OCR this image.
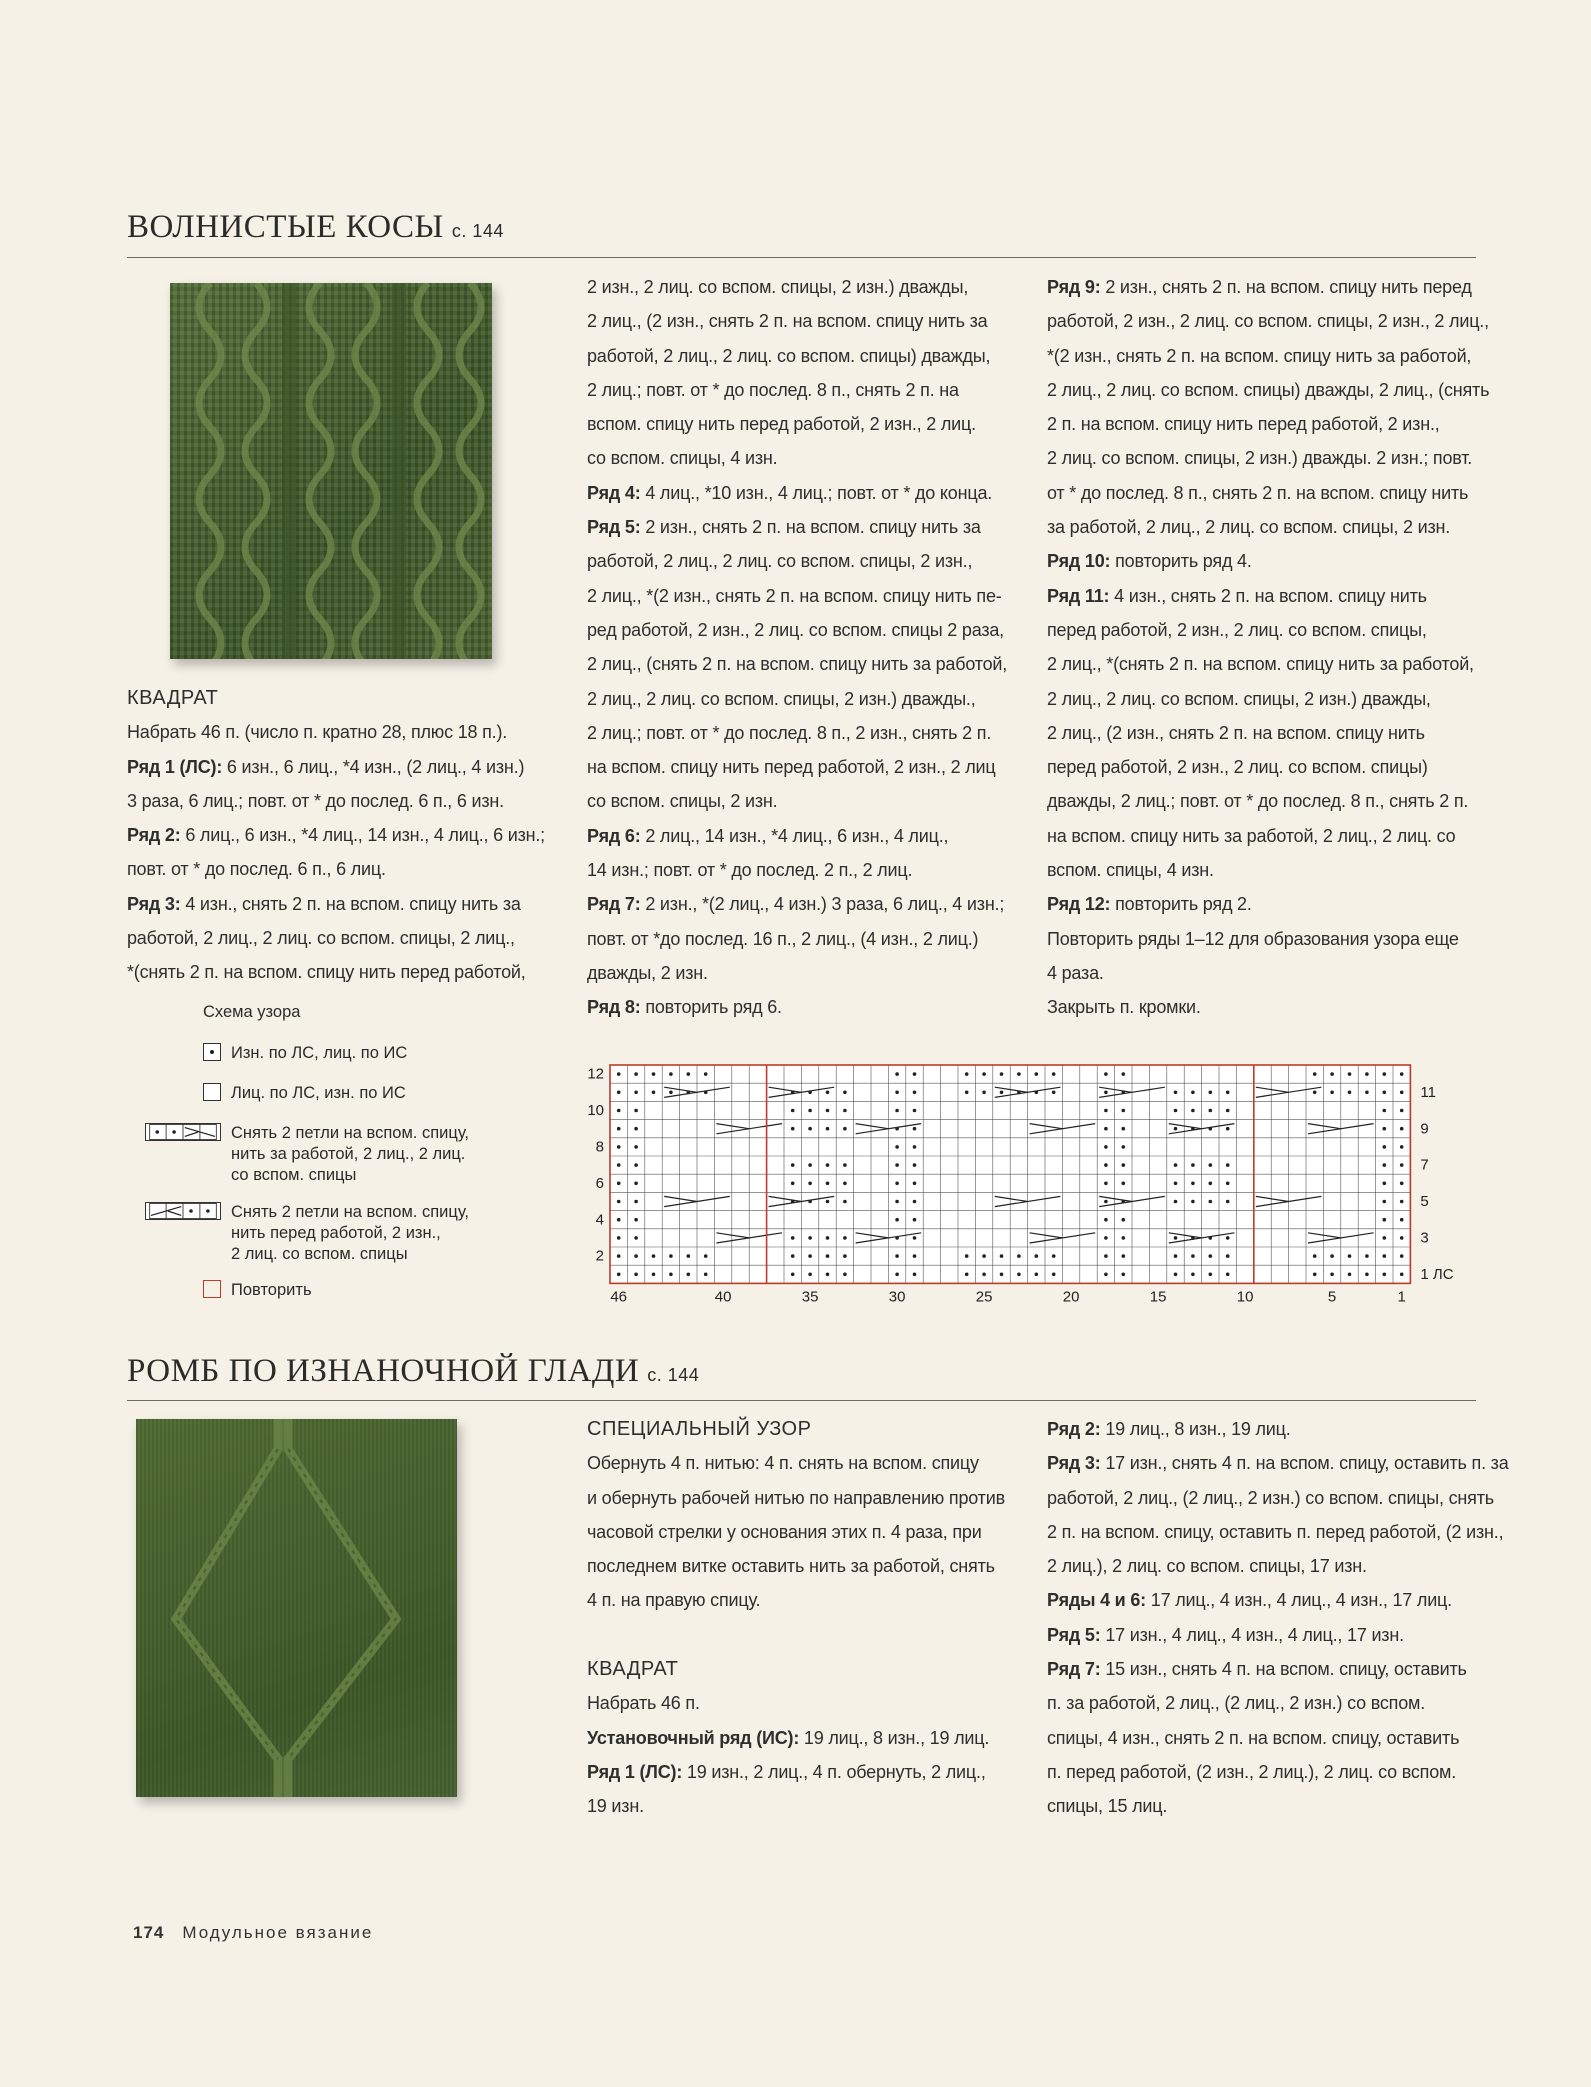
ВОЛНИСТЫЕ КОСЫ с. 144

КВАДРАТ

Набрать 46 п. (число п. кратно 28, плюс 18 п.).

Ряд 1 (ЛС): 6 изн., 6 лиц., *4 изн., (2 лиц., 4 изн.)

3 раза, 6 лиц.; повт. от * до послед. 6 п., 6 изн.

Ряд 2: 6 лиц., 6 изн., *4 лиц., 14 изн., 4 лиц., 6 изн.;

повт. от * до послед. 6 п., 6 лиц.

Ряд 3: 4 изн., снять 2 п. на вспом. спицу нить за

работой, 2 лиц., 2 лиц. со вспом. спицы, 2 лиц.,

*(снять 2 п. на вспом. спицу нить перед работой,

Схема узора
Изн. по ЛС, лиц. по ИС
Лиц. по ЛС, изн. по ИС
Снять 2 петли на вспом. спицу,
нить за работой, 2 лиц., 2 лиц.
со вспом. спицы
Снять 2 петли на вспом. спицу,
нить перед работой, 2 изн.,
2 лиц. со вспом. спицы
Повторить

2 изн., 2 лиц. со вспом. спицы, 2 изн.) дважды,

2 лиц., (2 изн., снять 2 п. на вспом. спицу нить за

работой, 2 лиц., 2 лиц. со вспом. спицы) дважды,

2 лиц.; повт. от * до послед. 8 п., снять 2 п. на

вспом. спицу нить перед работой, 2 изн., 2 лиц.

со вспом. спицы, 4 изн.

Ряд 4: 4 лиц., *10 изн., 4 лиц.; повт. от * до конца.

Ряд 5: 2 изн., снять 2 п. на вспом. спицу нить за

работой, 2 лиц., 2 лиц. со вспом. спицы, 2 изн.,

2 лиц., *(2 изн., снять 2 п. на вспом. спицу нить пе-

ред работой, 2 изн., 2 лиц. со вспом. спицы 2 раза,

2 лиц., (снять 2 п. на вспом. спицу нить за работой,

2 лиц., 2 лиц. со вспом. спицы, 2 изн.) дважды.,

2 лиц.; повт. от * до послед. 8 п., 2 изн., снять 2 п.

на вспом. спицу нить перед работой, 2 изн., 2 лиц

со вспом. спицы, 2 изн.

Ряд 6: 2 лиц., 14 изн., *4 лиц., 6 изн., 4 лиц.,

14 изн.; повт. от * до послед. 2 п., 2 лиц.

Ряд 7: 2 изн., *(2 лиц., 4 изн.) 3 раза, 6 лиц., 4 изн.;

повт. от *до послед. 16 п., 2 лиц., (4 изн., 2 лиц.)

дважды, 2 изн.

Ряд 8: повторить ряд 6.

Ряд 9: 2 изн., снять 2 п. на вспом. спицу нить перед

работой, 2 изн., 2 лиц. со вспом. спицы, 2 изн., 2 лиц.,

*(2 изн., снять 2 п. на вспом. спицу нить за работой,

2 лиц., 2 лиц. со вспом. спицы) дважды, 2 лиц., (снять

2 п. на вспом. спицу нить перед работой, 2 изн.,

2 лиц. со вспом. спицы, 2 изн.) дважды. 2 изн.; повт.

от * до послед. 8 п., снять 2 п. на вспом. спицу нить

за работой, 2 лиц., 2 лиц. со вспом. спицы, 2 изн.

Ряд 10: повторить ряд 4.

Ряд 11: 4 изн., снять 2 п. на вспом. спицу нить

перед работой, 2 изн., 2 лиц. со вспом. спицы,

2 лиц., *(снять 2 п. на вспом. спицу нить за работой,

2 лиц., 2 лиц. со вспом. спицы, 2 изн.) дважды,

2 лиц., (2 изн., снять 2 п. на вспом. спицу нить

перед работой, 2 изн., 2 лиц. со вспом. спицы)

дважды, 2 лиц.; повт. от * до послед. 8 п., снять 2 п.

на вспом. спицу нить за работой, 2 лиц., 2 лиц. со

вспом. спицы, 4 изн.

Ряд 12: повторить ряд 2.

Повторить ряды 1–12 для образования узора еще

4 раза.

Закрыть п. кромки.

12
10
8
6
4
2
11
9
7
5
3
1 ЛС
46	40	35	30	25	20	15	10	5	1
РОМБ ПО ИЗНАНОЧНОЙ ГЛАДИ с. 144

СПЕЦИАЛЬНЫЙ УЗОР

Обернуть 4 п. нитью: 4 п. снять на вспом. спицу

и обернуть рабочей нитью по направлению против

часовой стрелки у основания этих п. 4 раза, при

последнем витке оставить нить за работой, снять

4 п. на правую спицу.

КВАДРАТ

Набрать 46 п.

Установочный ряд (ИС): 19 лиц., 8 изн., 19 лиц.

Ряд 1 (ЛС): 19 изн., 2 лиц., 4 п. обернуть, 2 лиц.,

19 изн.

Ряд 2: 19 лиц., 8 изн., 19 лиц.

Ряд 3: 17 изн., снять 4 п. на вспом. спицу, оставить п. за

работой, 2 лиц., (2 лиц., 2 изн.) со вспом. спицы, снять

2 п. на вспом. спицу, оставить п. перед работой, (2 изн.,

2 лиц.), 2 лиц. со вспом. спицы, 17 изн.

Ряды 4 и 6: 17 лиц., 4 изн., 4 лиц., 4 изн., 17 лиц.

Ряд 5: 17 изн., 4 лиц., 4 изн., 4 лиц., 17 изн.

Ряд 7: 15 изн., снять 4 п. на вспом. спицу, оставить

п. за работой, 2 лиц., (2 лиц., 2 изн.) со вспом.

спицы, 4 изн., снять 2 п. на вспом. спицу, оставить

п. перед работой, (2 изн., 2 лиц.), 2 лиц. со вспом.

спицы, 15 лиц.

174 Модульное вязание
